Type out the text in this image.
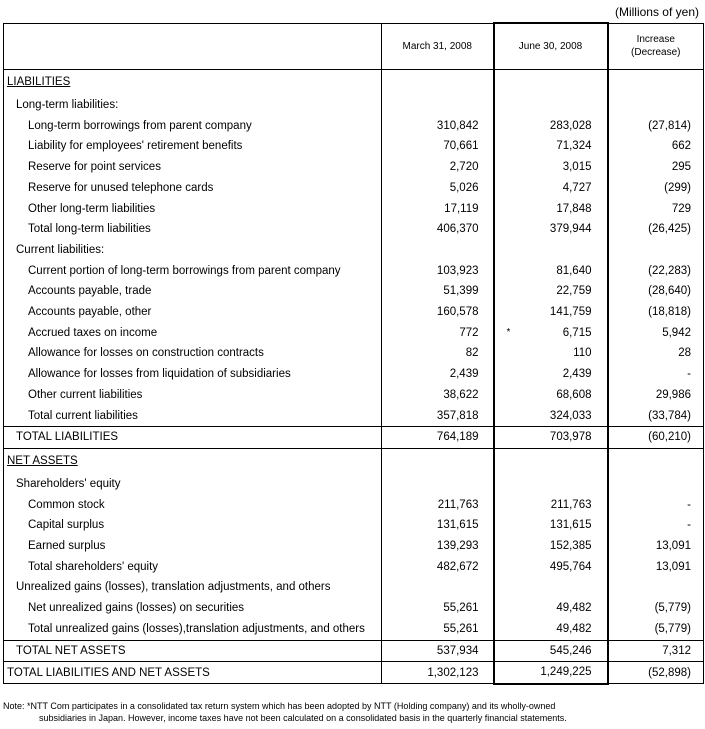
(Millions of yen)
	March 31, 2008	June 30, 2008	Increase
(Decrease)
LIABILITIES			
Long-term liabilities:			
Long-term borrowings from parent company	310,842	283,028	(27,814)
Liability for employees' retirement benefits	70,661	71,324	662
Reserve for point services	2,720	3,015	295
Reserve for unused telephone cards	5,026	4,727	(299)
Other long-term liabilities	17,119	17,848	729
Total long-term liabilities	406,370	379,944	(26,425)
Current liabilities:			
Current portion of long-term borrowings from parent company	103,923	81,640	(22,283)
Accounts payable, trade	51,399	22,759	(28,640)
Accounts payable, other	160,578	141,759	(18,818)
Accrued taxes on income	772	* 6,715	5,942
Allowance for losses on construction contracts	82	110	28
Allowance for losses from liquidation of subsidiaries	2,439	2,439	-
Other current liabilities	38,622	68,608	29,986
Total current liabilities	357,818	324,033	(33,784)
TOTAL LIABILITIES	764,189	703,978	(60,210)
NET ASSETS			
Shareholders' equity			
Common stock	211,763	211,763	-
Capital surplus	131,615	131,615	-
Earned surplus	139,293	152,385	13,091
Total shareholders' equity	482,672	495,764	13,091
Unrealized gains (losses), translation adjustments, and others			
Net unrealized gains (losses) on securities	55,261	49,482	(5,779)
Total unrealized gains (losses),translation adjustments, and others	55,261	49,482	(5,779)
TOTAL NET ASSETS	537,934	545,246	7,312
TOTAL LIABILITIES AND NET ASSETS	1,302,123	1,249,225	(52,898)
Note: *NTT Com participates in a consolidated tax return system which has been adopted by NTT (Holding company) and its wholly-owned
subsidiaries in Japan. However, income taxes have not been calculated on a consolidated basis in the quarterly financial statements.
